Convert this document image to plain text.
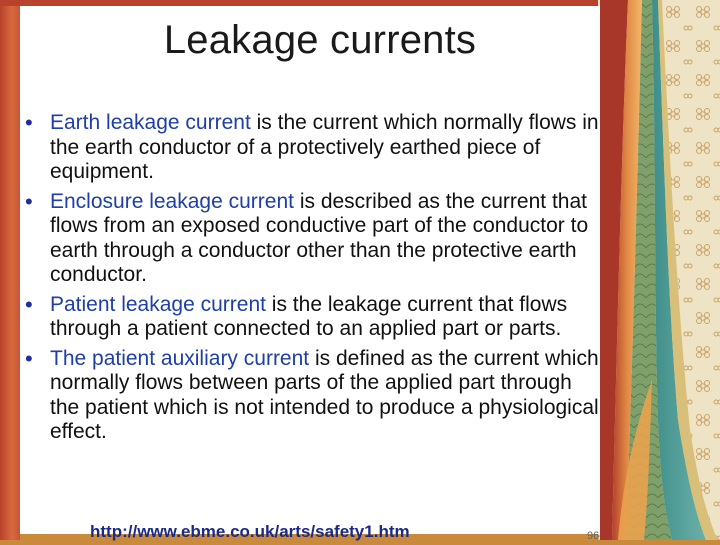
Leakage currents
• Earth leakage current is the current which normally flows in the earth conductor of a protectively earthed piece of equipment.
• Enclosure leakage current is described as the current that flows from an exposed conductive part of the conductor to earth through a conductor other than the protective earth conductor.
• Patient leakage current is the leakage current that flows through a patient connected to an applied part or parts.
• The patient auxiliary current is defined as the current which normally flows between parts of the applied part through the patient which is not intended to produce a physiological effect.
http://www.ebme.co.uk/arts/safety1.htm	96
